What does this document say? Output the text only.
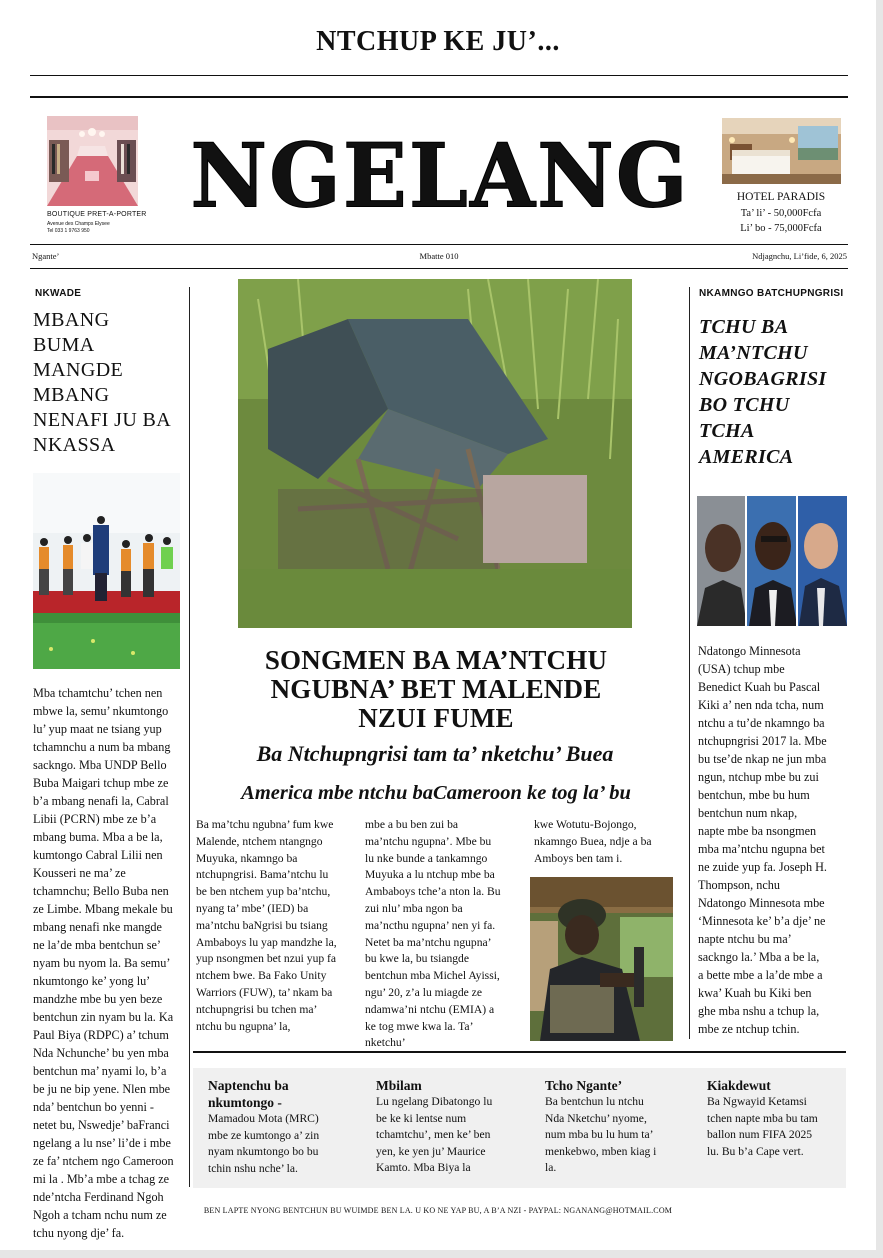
NTCHUP KE JU’...
BOUTIQUE PRET-A-PORTER
Avenue des Champs Elysee
Tel 033 1 9763 950
NGELANG	HOTEL PARADIS
Ta’ li’ - 50,000Fcfa
Li’ bo - 75,000Fcfa
Ngante’	Mbatte 010	Ndjagnchu, Li’fide, 6, 2025
NKWADE
MBANG
BUMA
MANGDE
MBANG
NENAFI JU BA
NKASSA
Mba tchamtchu’ tchen nen
mbwe la, semu’ nkumtongo
lu’ yup maat ne tsiang yup
tchamnchu a num ba mbang
sackngo. Mba UNDP Bello
Buba Maigari tchup mbe ze
b’a mbang nenafi la, Cabral
Libii (PCRN) mbe ze b’a
mbang buma. Mba a be la,
kumtongo Cabral Lilii nen
Kousseri ne ma’ ze
tchamnchu; Bello Buba nen
ze Limbe. Mbang mekale bu
mbang nenafi nke mangde
ne la’de mba bentchun se’
nyam bu nyom la. Ba semu’
nkumtongo ke’ yong lu’
mandzhe mbe bu yen beze
bentchun zin nyam bu la. Ka
Paul Biya (RDPC) a’ tchum
Nda Nchunche’ bu yen mba
bentchun ma’ nyami lo, b’a
be ju ne bip yene. Nlen mbe
nda’ bentchun bo yenni -
netet bu, Nswedje’ baFranci
ngelang a lu nse’ li’de i mbe
ze fa’ ntchem ngo Cameroon
mi la . Mb’a mbe a tchag ze
nde’ntcha Ferdinand Ngoh
Ngoh a tcham nchu num ze
tchu nyong dje’ fa.
SONGMEN BA MA’NTCHU
NGUBNA’ BET MALENDE
NZUI FUME
Ba Ntchupngrisi tam ta’ nketchu’ Buea
America mbe ntchu baCameroon ke tog la’ bu
Ba ma’tchu ngubna’ fum kwe
Malende, ntchem ntangngo
Muyuka, nkamngo ba
ntchupngrisi. Bama’ntchu lu
be ben ntchem yup ba’ntchu,
nyang ta’ mbe’ (IED) ba
ma’ntchu baNgrisi bu tsiang
Ambaboys lu yap mandzhe la,
yup nsongmen bet nzui yup fa
ntchem bwe. Ba Fako Unity
Warriors (FUW), ta’ nkam ba
ntchupngrisi bu tchen ma’
ntchu bu ngupna’ la,
mbe a bu ben zui ba
ma’ntchu ngupna’. Mbe bu
lu nke bunde a tankamngo
Muyuka a lu ntchup mbe ba
Ambaboys tche’a nton la. Bu
zui nlu’ mba ngon ba
ma’ncthu ngupna’ nen yi fa.
Netet ba ma’ntchu ngupna’
bu kwe la, bu tsiangde
bentchun mba Michel Ayissi,
ngu’ 20, z’a lu miagde ze
ndamwa’ni ntchu (EMIA) a
ke tog mwe kwa la. Ta’
nketchu’
kwe Wotutu-Bojongo,
nkamngo Buea, ndje a ba
Amboys ben tam i.
NKAMNGO BATCHUPNGRISI
TCHU BA
MA’NTCHU
NGOBAGRISI
BO TCHU
TCHA
AMERICA
Ndatongo Minnesota
(USA) tchup mbe
Benedict Kuah bu Pascal
Kiki a’ nen nda tcha, num
ntchu a tu’de nkamngo ba
ntchupngrisi 2017 la. Mbe
bu tse’de nkap ne jun mba
ngun, ntchup mbe bu zui
bentchun, mbe bu hum
bentchun num nkap,
napte mbe ba nsongmen
mba ma’ntchu ngupna bet
ne zuide yup fa. Joseph H.
Thompson, nchu
Ndatongo Minnesota mbe
‘Minnesota ke’ b’a dje’ ne
napte ntchu bu ma’
sackngo la.’ Mba a be la,
a bette mbe a la’de mbe a
kwa’ Kuah bu Kiki ben
ghe mba nshu a tchup la,
mbe ze ntchup tchin.
Naptenchu ba
nkumtongo -
Mamadou Mota (MRC)
mbe ze kumtongo a’ zin
nyam nkumtongo bo bu
tchin nshu nche’ la.
Mbilam
Lu ngelang Dibatongo lu
be ke ki lentse num
tchamtchu’, men ke’ ben
yen, ke yen ju’ Maurice
Kamto. Mba Biya la
Tcho Ngante’
Ba bentchun lu ntchu
Nda Nketchu’ nyome,
num mba bu lu hum ta’
menkebwo, mben kiag i
la.
Kiakdewut
Ba Ngwayid Ketamsi
tchen napte mba bu tam
ballon num FIFA 2025
lu. Bu b’a Cape vert.
BEN LAPTE NYONG BENTCHUN BU WUIMDE BEN LA. U KO NE YAP BU, A B’A NZI - PAYPAL: NGANANG@HOTMAIL.COM
